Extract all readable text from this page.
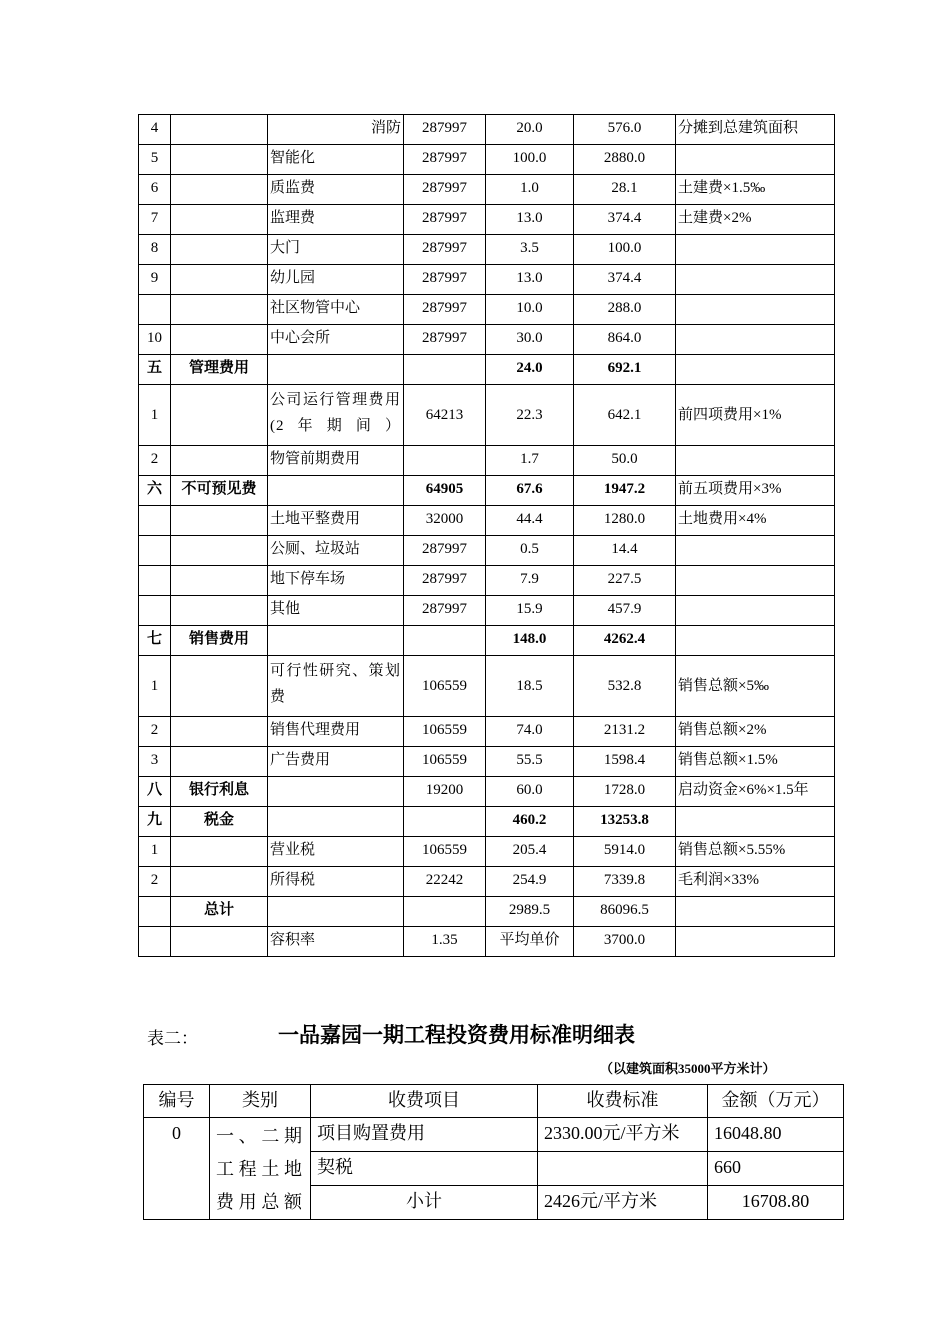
4		消防	287997	20.0	576.0	分摊到总建筑面积
5		智能化	287997	100.0	2880.0	
6		质监费	287997	1.0	28.1	土建费×1.5‰
7		监理费	287997	13.0	374.4	土建费×2%
8		大门	287997	3.5	100.0	
9		幼儿园	287997	13.0	374.4	
		社区物管中心	287997	10.0	288.0	
10		中心会所	287997	30.0	864.0	
五	管理费用			24.0	692.1	
1		公司运行管理费用(2年期间）	64213	22.3	642.1	前四项费用×1%
2		物管前期费用		1.7	50.0	
六	不可预见费		64905	67.6	1947.2	前五项费用×3%
		土地平整费用	32000	44.4	1280.0	土地费用×4%
		公厕、垃圾站	287997	0.5	14.4	
		地下停车场	287997	7.9	227.5	
		其他	287997	15.9	457.9	
七	销售费用			148.0	4262.4	
1		可行性研究、策划费	106559	18.5	532.8	销售总额×5‰
2		销售代理费用	106559	74.0	2131.2	销售总额×2%
3		广告费用	106559	55.5	1598.4	销售总额×1.5%
八	银行利息		19200	60.0	1728.0	启动资金×6%×1.5年
九	税金			460.2	13253.8	
1		营业税	106559	205.4	5914.0	销售总额×5.55%
2		所得税	22242	254.9	7339.8	毛利润×33%
	总计			2989.5	86096.5	
		容积率	1.35	平均单价	3700.0	
表二：	一品嘉园一期工程投资费用标准明细表
（以建筑面积35000平方米计）
编号	类别	收费项目	收费标准	金额（万元）
0	一、二期工程土地费用总额	项目购置费用	2330.00元/平方米	16048.80
		契税		660
		小计	2426元/平方米	16708.80
